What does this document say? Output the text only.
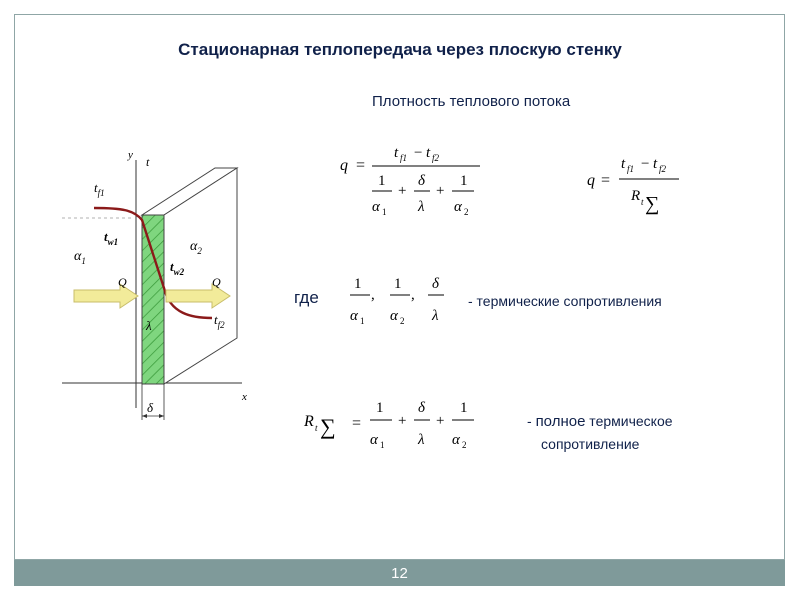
Стационарная теплопередача через плоскую стенку
Плотность теплового потока
y t
x
$t_{f1}$
$t_{w1}$
$t_{w2}$
$t_{f2}$
$\alpha_1$
$\alpha_2$
Q	Q
λ
δ
q =
t f1 − t f2
1
α 1
+
δ
λ
+
1
α 2
q =
t f1 − t f2
R t ∑
где
1
α 1
,
1
α 2
,
δ
λ
- термические сопротивления
R t ∑ =
1
α 1
+
δ
λ
+
1
α 2
- полное термическое
сопротивление
12
